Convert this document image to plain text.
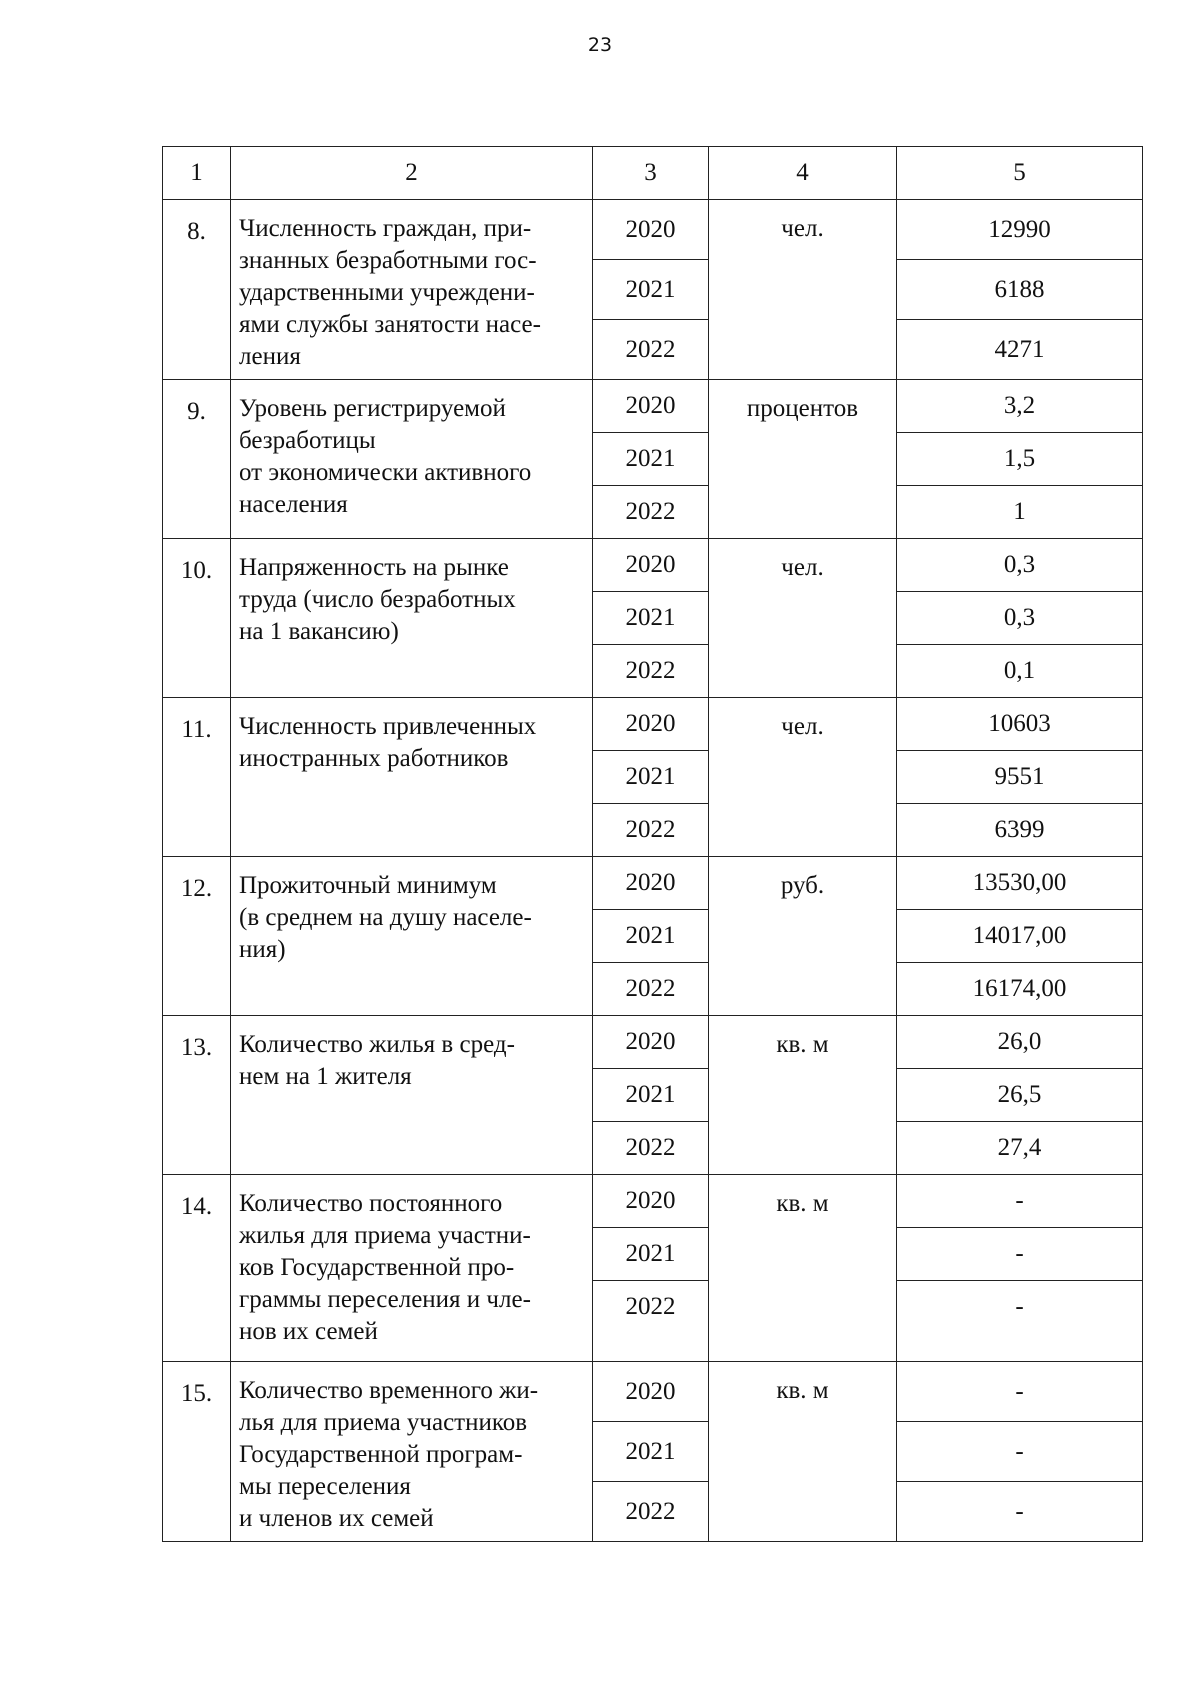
23
1	2	3	4	5
8.	Численность граждан, при-
знанных безработными гос-
ударственными учреждени-
ями службы занятости насе-
ления	2020	чел.	12990
		2021		6188
		2022		4271
9.	Уровень регистрируемой
безработицы
от экономически активного
населения	2020	процентов	3,2
		2021		1,5
		2022		1
10.	Напряженность на рынке
труда (число безработных
на 1 вакансию)	2020	чел.	0,3
		2021		0,3
		2022		0,1
11.	Численность привлеченных
иностранных работников	2020	чел.	10603
		2021		9551
		2022		6399
12.	Прожиточный минимум
(в среднем на душу населе-
ния)	2020	руб.	13530,00
		2021		14017,00
		2022		16174,00
13.	Количество жилья в сред-
нем на 1 жителя	2020	кв. м	26,0
		2021		26,5
		2022		27,4
14.	Количество постоянного
жилья для приема участни-
ков Государственной про-
граммы переселения и чле-
нов их семей	2020	кв. м	-
		2021		-
		2022		-
15.	Количество временного жи-
лья для приема участников
Государственной програм-
мы переселения
и членов их семей	2020	кв. м	-
		2021		-
		2022		-
